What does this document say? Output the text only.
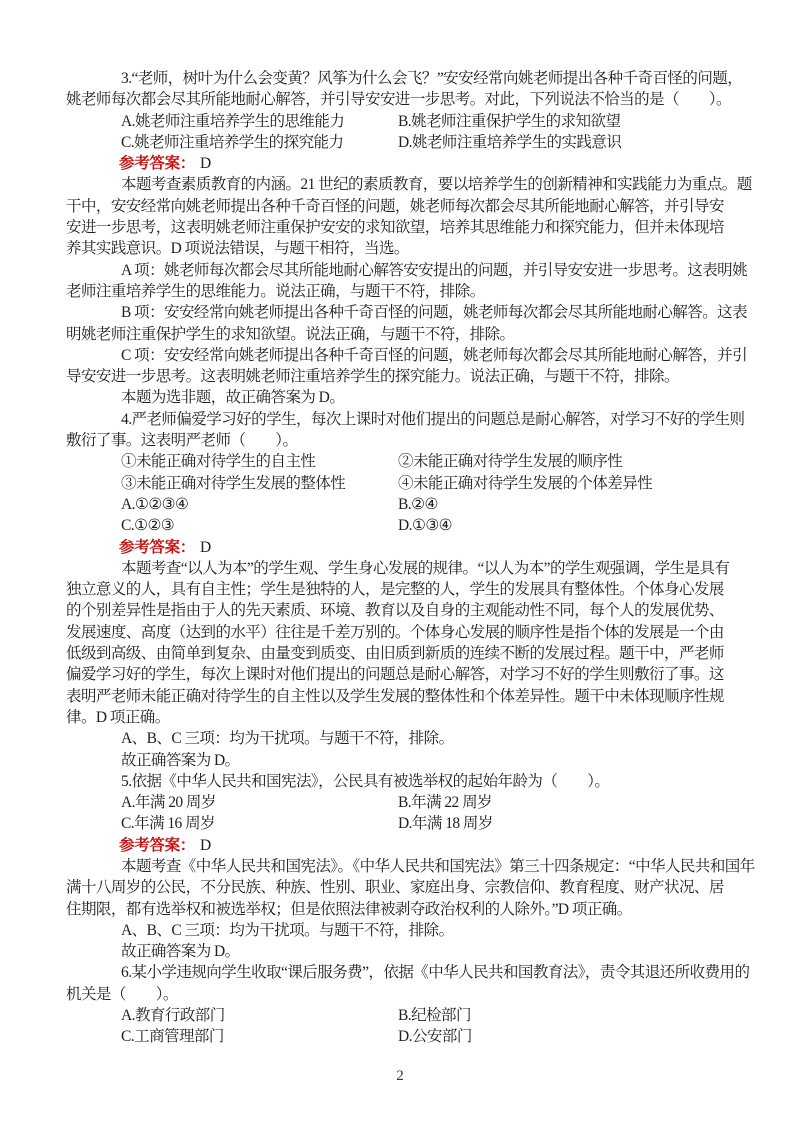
3.“老师，树叶为什么会变黄？风筝为什么会飞？”安安经常向姚老师提出各种千奇百怪的问题，
姚老师每次都会尽其所能地耐心解答，并引导安安进一步思考。对此，下列说法不恰当的是（　　）。
A.姚老师注重培养学生的思维能力	B.姚老师注重保护学生的求知欲望
C.姚老师注重培养学生的探究能力	D.姚老师注重培养学生的实践意识
参考答案： D
本题考查素质教育的内涵。21 世纪的素质教育，要以培养学生的创新精神和实践能力为重点。题
干中，安安经常向姚老师提出各种千奇百怪的问题，姚老师每次都会尽其所能地耐心解答，并引导安
安进一步思考，这表明姚老师注重保护安安的求知欲望，培养其思维能力和探究能力，但并未体现培
养其实践意识。D 项说法错误，与题干相符，当选。
A 项：姚老师每次都会尽其所能地耐心解答安安提出的问题，并引导安安进一步思考。这表明姚
老师注重培养学生的思维能力。说法正确，与题干不符，排除。
B 项：安安经常向姚老师提出各种千奇百怪的问题，姚老师每次都会尽其所能地耐心解答。这表
明姚老师注重保护学生的求知欲望。说法正确，与题干不符，排除。
C 项：安安经常向姚老师提出各种千奇百怪的问题，姚老师每次都会尽其所能地耐心解答，并引
导安安进一步思考。这表明姚老师注重培养学生的探究能力。说法正确，与题干不符，排除。
本题为选非题，故正确答案为 D。
4.严老师偏爱学习好的学生，每次上课时对他们提出的问题总是耐心解答，对学习不好的学生则
敷衍了事。这表明严老师（　　）。
①未能正确对待学生的自主性	②未能正确对待学生发展的顺序性
③未能正确对待学生发展的整体性	④未能正确对待学生发展的个体差异性
A.①②③④	B.②④
C.①②③	D.①③④
参考答案： D
本题考查“以人为本”的学生观、学生身心发展的规律。“以人为本”的学生观强调，学生是具有
独立意义的人，具有自主性；学生是独特的人，是完整的人，学生的发展具有整体性。个体身心发展
的个别差异性是指由于人的先天素质、环境、教育以及自身的主观能动性不同，每个人的发展优势、
发展速度、高度（达到的水平）往往是千差万别的。个体身心发展的顺序性是指个体的发展是一个由
低级到高级、由简单到复杂、由量变到质变、由旧质到新质的连续不断的发展过程。题干中，严老师
偏爱学习好的学生，每次上课时对他们提出的问题总是耐心解答，对学习不好的学生则敷衍了事。这
表明严老师未能正确对待学生的自主性以及学生发展的整体性和个体差异性。题干中未体现顺序性规
律。D 项正确。
A、B、C 三项：均为干扰项。与题干不符，排除。
故正确答案为 D。
5.依据《中华人民共和国宪法》，公民具有被选举权的起始年龄为（　　）。
A.年满 20 周岁	B.年满 22 周岁
C.年满 16 周岁	D.年满 18 周岁
参考答案： D
本题考查《中华人民共和国宪法》。《中华人民共和国宪法》第三十四条规定：“中华人民共和国年
满十八周岁的公民，不分民族、种族、性别、职业、家庭出身、宗教信仰、教育程度、财产状况、居
住期限，都有选举权和被选举权；但是依照法律被剥夺政治权利的人除外。”D 项正确。
A、B、C 三项：均为干扰项。与题干不符，排除。
故正确答案为 D。
6.某小学违规向学生收取“课后服务费”，依据《中华人民共和国教育法》，责令其退还所收费用的
机关是（　　）。
A.教育行政部门	B.纪检部门
C.工商管理部门	D.公安部门
2
